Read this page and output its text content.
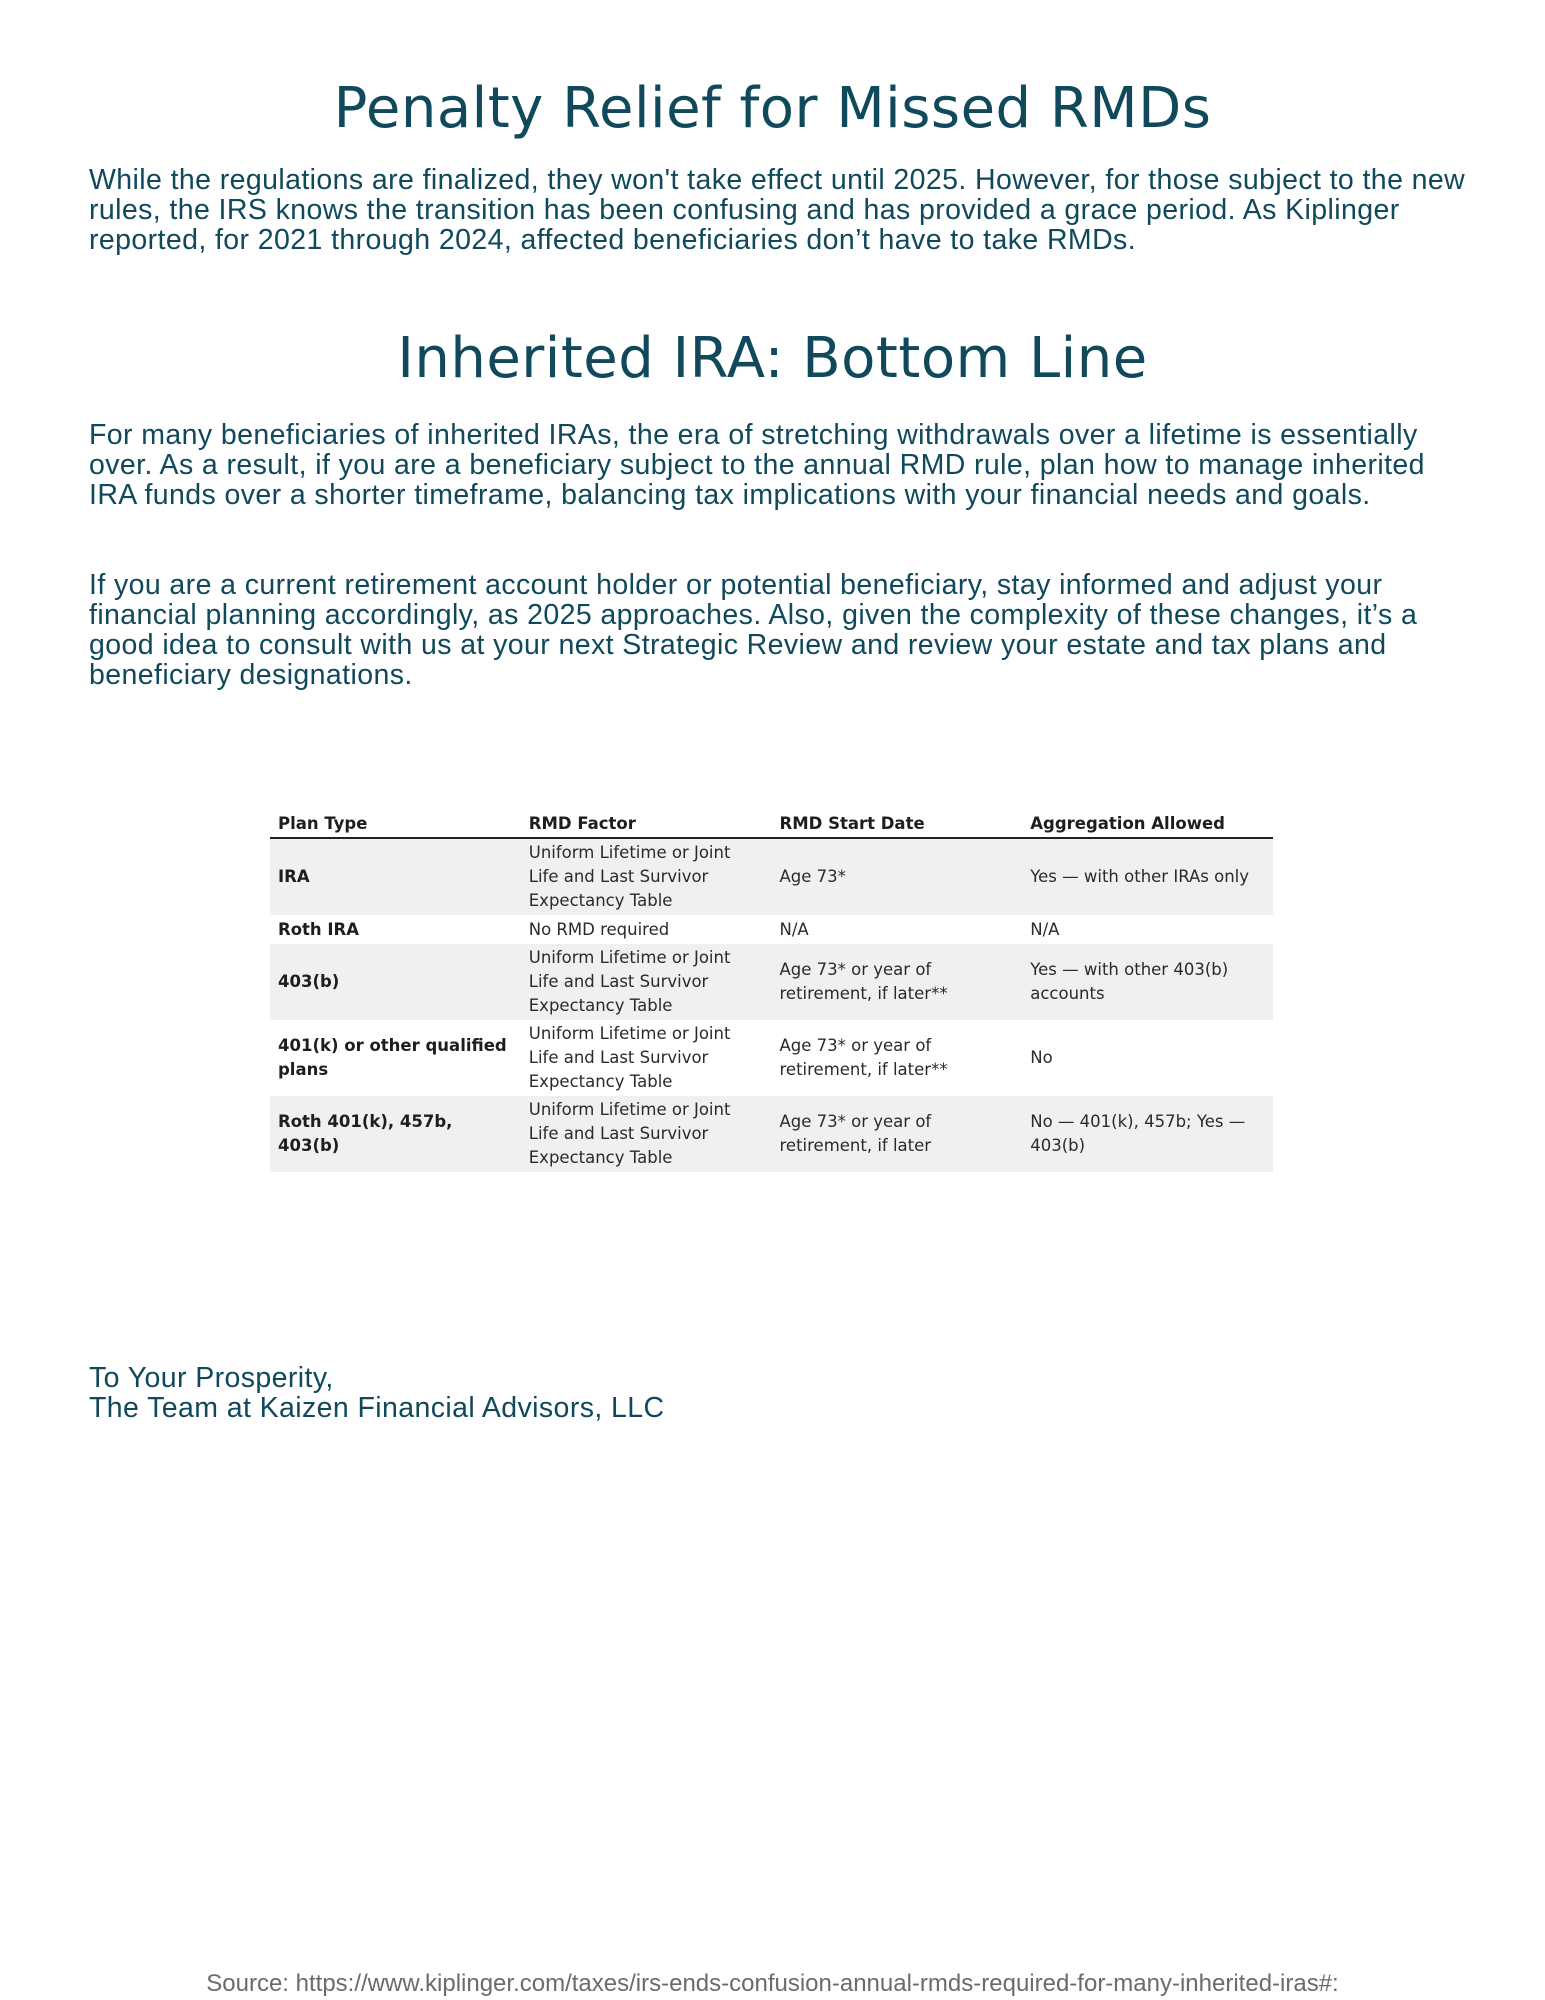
Penalty Relief for Missed RMDs

While the regulations are finalized, they won't take effect until 2025. However, for those subject to the new rules, the IRS knows the transition has been confusing and has provided a grace period. As Kiplinger reported, for 2021 through 2024, affected beneficiaries don’t have to take RMDs.

Inherited IRA: Bottom Line

For many beneficiaries of inherited IRAs, the era of stretching withdrawals over a lifetime is essentially over. As a result, if you are a beneficiary subject to the annual RMD rule, plan how to manage inherited IRA funds over a shorter timeframe, balancing tax implications with your financial needs and goals.

If you are a current retirement account holder or potential beneficiary, stay informed and adjust your financial planning accordingly, as 2025 approaches. Also, given the complexity of these changes, it’s a good idea to consult with us at your next Strategic Review and review your estate and tax plans and beneficiary designations.

Plan Type	RMD Factor	RMD Start Date	Aggregation Allowed
IRA	Uniform Lifetime or Joint Life and Last Survivor Expectancy Table	Age 73*	Yes — with other IRAs only
Roth IRA	No RMD required	N/A	N/A
403(b)	Uniform Lifetime or Joint Life and Last Survivor Expectancy Table	Age 73* or year of retirement, if later**	Yes — with other 403(b) accounts
401(k) or other qualified plans	Uniform Lifetime or Joint Life and Last Survivor Expectancy Table	Age 73* or year of retirement, if later**	No
Roth 401(k), 457b, 403(b)	Uniform Lifetime or Joint Life and Last Survivor Expectancy Table	Age 73* or year of retirement, if later	No — 401(k), 457b; Yes — 403(b)
To Your Prosperity,
The Team at Kaizen Financial Advisors, LLC

Source: https://www.kiplinger.com/taxes/irs-ends-confusion-annual-rmds-required-for-many-inherited-iras#:
